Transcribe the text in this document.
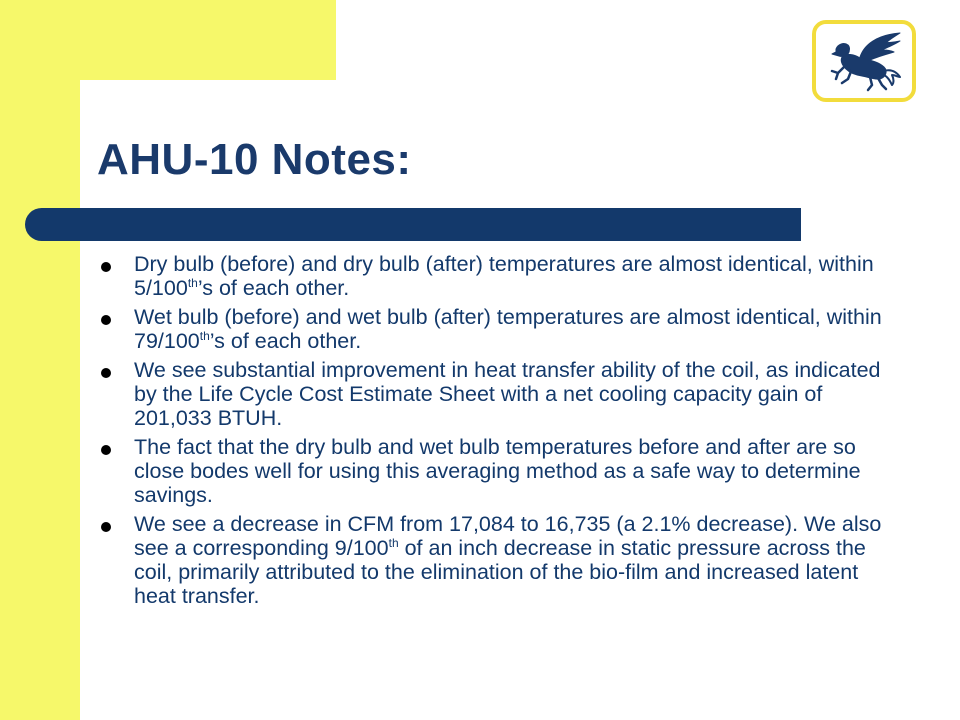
AHU-10 Notes:
Dry bulb (before) and dry bulb (after) temperatures are almost identical, within 5/100th’s of each other.
Wet bulb (before) and wet bulb (after) temperatures are almost identical, within 79/100th’s of each other.
We see substantial improvement in heat transfer ability of the coil, as indicated by the Life Cycle Cost Estimate Sheet with a net cooling capacity gain of 201,033 BTUH.
The fact that the dry bulb and wet bulb temperatures before and after are so close bodes well for using this averaging method as a safe way to determine savings.
We see a decrease in CFM from 17,084 to 16,735 (a 2.1% decrease). We also see a corresponding 9/100th of an inch decrease in static pressure across the coil, primarily attributed to the elimination of the bio-film and increased latent heat transfer.
